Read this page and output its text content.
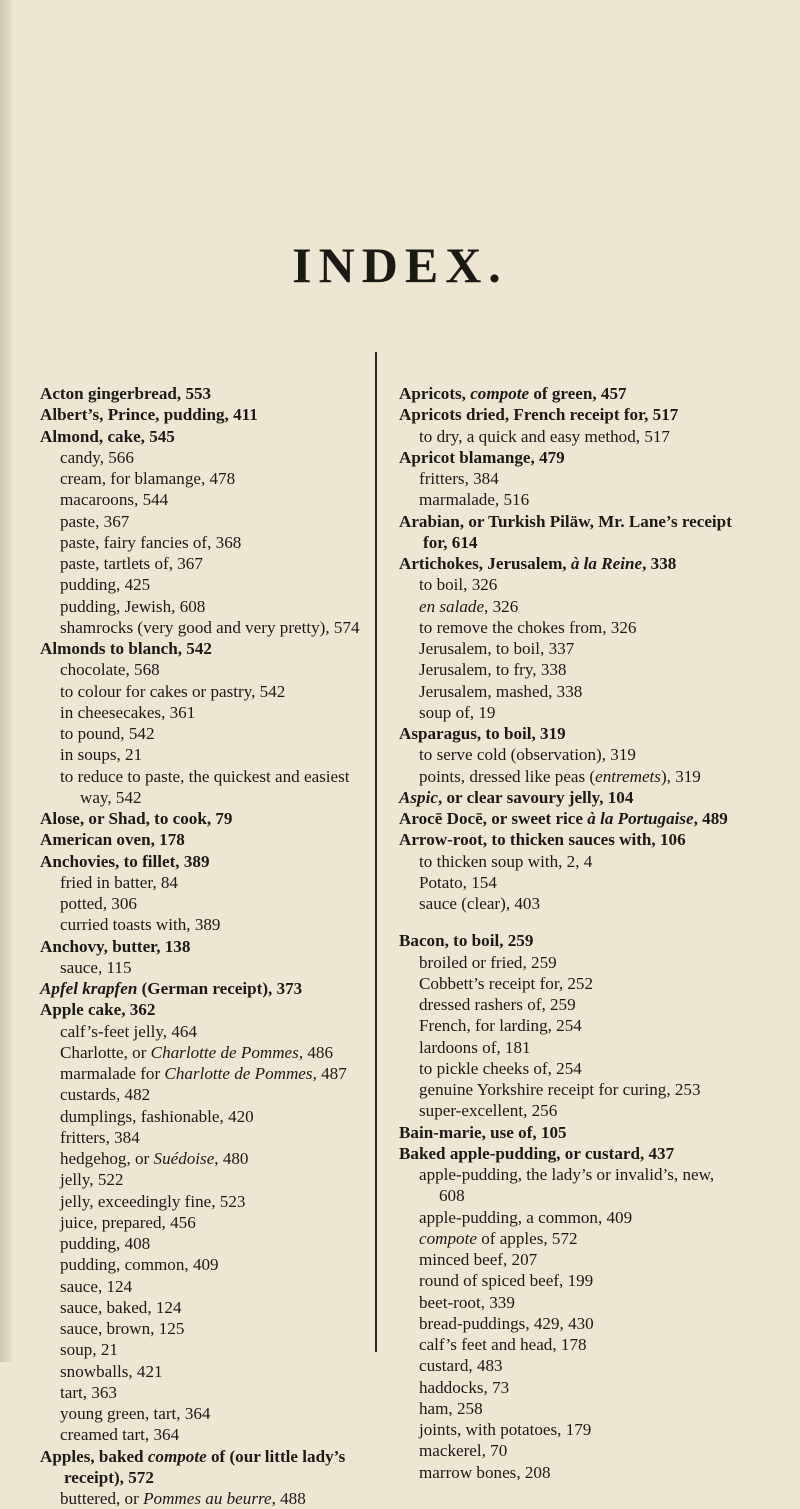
INDEX.
Acton gingerbread, 553
Albert’s, Prince, pudding, 411
Almond, cake, 545
candy, 566
cream, for blamange, 478
macaroons, 544
paste, 367
paste, fairy fancies of, 368
paste, tartlets of, 367
pudding, 425
pudding, Jewish, 608
shamrocks (very good and very pretty), 574
Almonds to blanch, 542
chocolate, 568
to colour for cakes or pastry, 542
in cheesecakes, 361
to pound, 542
in soups, 21
to reduce to paste, the quickest and easiest way, 542
Alose, or Shad, to cook, 79
American oven, 178
Anchovies, to fillet, 389
fried in batter, 84
potted, 306
curried toasts with, 389
Anchovy, butter, 138
sauce, 115
Apfel krapfen (German receipt), 373
Apple cake, 362
calf’s-feet jelly, 464
Charlotte, or Charlotte de Pommes, 486
marmalade for Charlotte de Pommes, 487
custards, 482
dumplings, fashionable, 420
fritters, 384
hedgehog, or Suédoise, 480
jelly, 522
jelly, exceedingly fine, 523
juice, prepared, 456
pudding, 408
pudding, common, 409
sauce, 124
sauce, baked, 124
sauce, brown, 125
soup, 21
snowballs, 421
tart, 363
young green, tart, 364
creamed tart, 364
Apples, baked compote of (our little lady’s receipt), 572
buttered, or Pommes au beurre, 488
Apricots, compote of green, 457
Apricots dried, French receipt for, 517
to dry, a quick and easy method, 517
Apricot blamange, 479
fritters, 384
marmalade, 516
Arabian, or Turkish Piläw, Mr. Lane’s receipt for, 614
Artichokes, Jerusalem, à la Reine, 338
to boil, 326
en salade, 326
to remove the chokes from, 326
Jerusalem, to boil, 337
Jerusalem, to fry, 338
Jerusalem, mashed, 338
soup of, 19
Asparagus, to boil, 319
to serve cold (observation), 319
points, dressed like peas (entremets), 319
Aspic, or clear savoury jelly, 104
Arocē Docē, or sweet rice à la Portugaise, 489
Arrow-root, to thicken sauces with, 106
to thicken soup with, 2, 4
Potato, 154
sauce (clear), 403
Bacon, to boil, 259
broiled or fried, 259
Cobbett’s receipt for, 252
dressed rashers of, 259
French, for larding, 254
lardoons of, 181
to pickle cheeks of, 254
genuine Yorkshire receipt for curing, 253
super-excellent, 256
Bain-marie, use of, 105
Baked apple-pudding, or custard, 437
apple-pudding, the lady’s or invalid’s, new, 608
apple-pudding, a common, 409
compote of apples, 572
minced beef, 207
round of spiced beef, 199
beet-root, 339
bread-puddings, 429, 430
calf’s feet and head, 178
custard, 483
haddocks, 73
ham, 258
joints, with potatoes, 179
mackerel, 70
marrow bones, 208
